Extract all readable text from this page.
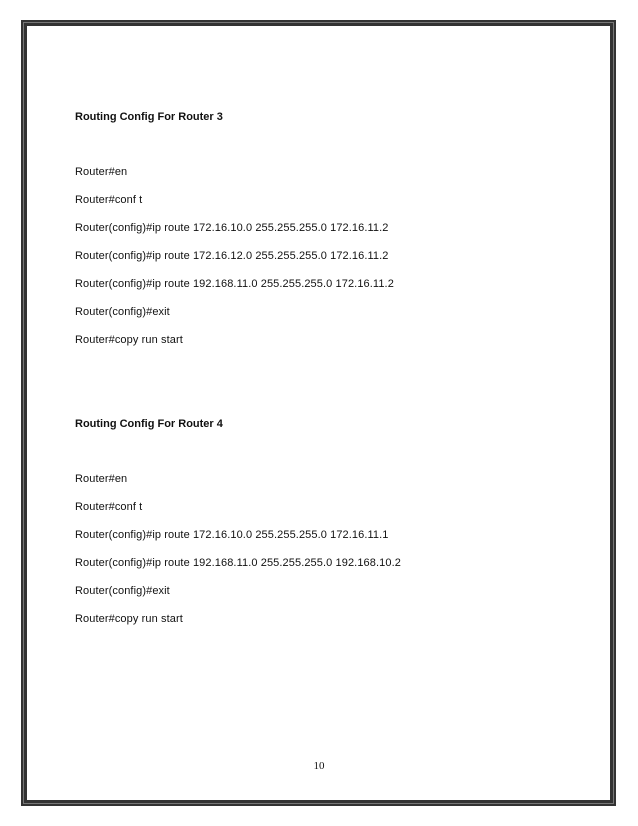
Routing Config For Router 3
Router#en
Router#conf t
Router(config)#ip route 172.16.10.0 255.255.255.0 172.16.11.2
Router(config)#ip route 172.16.12.0 255.255.255.0 172.16.11.2
Router(config)#ip route 192.168.11.0 255.255.255.0 172.16.11.2
Router(config)#exit
Router#copy run start
Routing Config For Router 4
Router#en
Router#conf t
Router(config)#ip route 172.16.10.0 255.255.255.0 172.16.11.1
Router(config)#ip route 192.168.11.0 255.255.255.0 192.168.10.2
Router(config)#exit
Router#copy run start
10
